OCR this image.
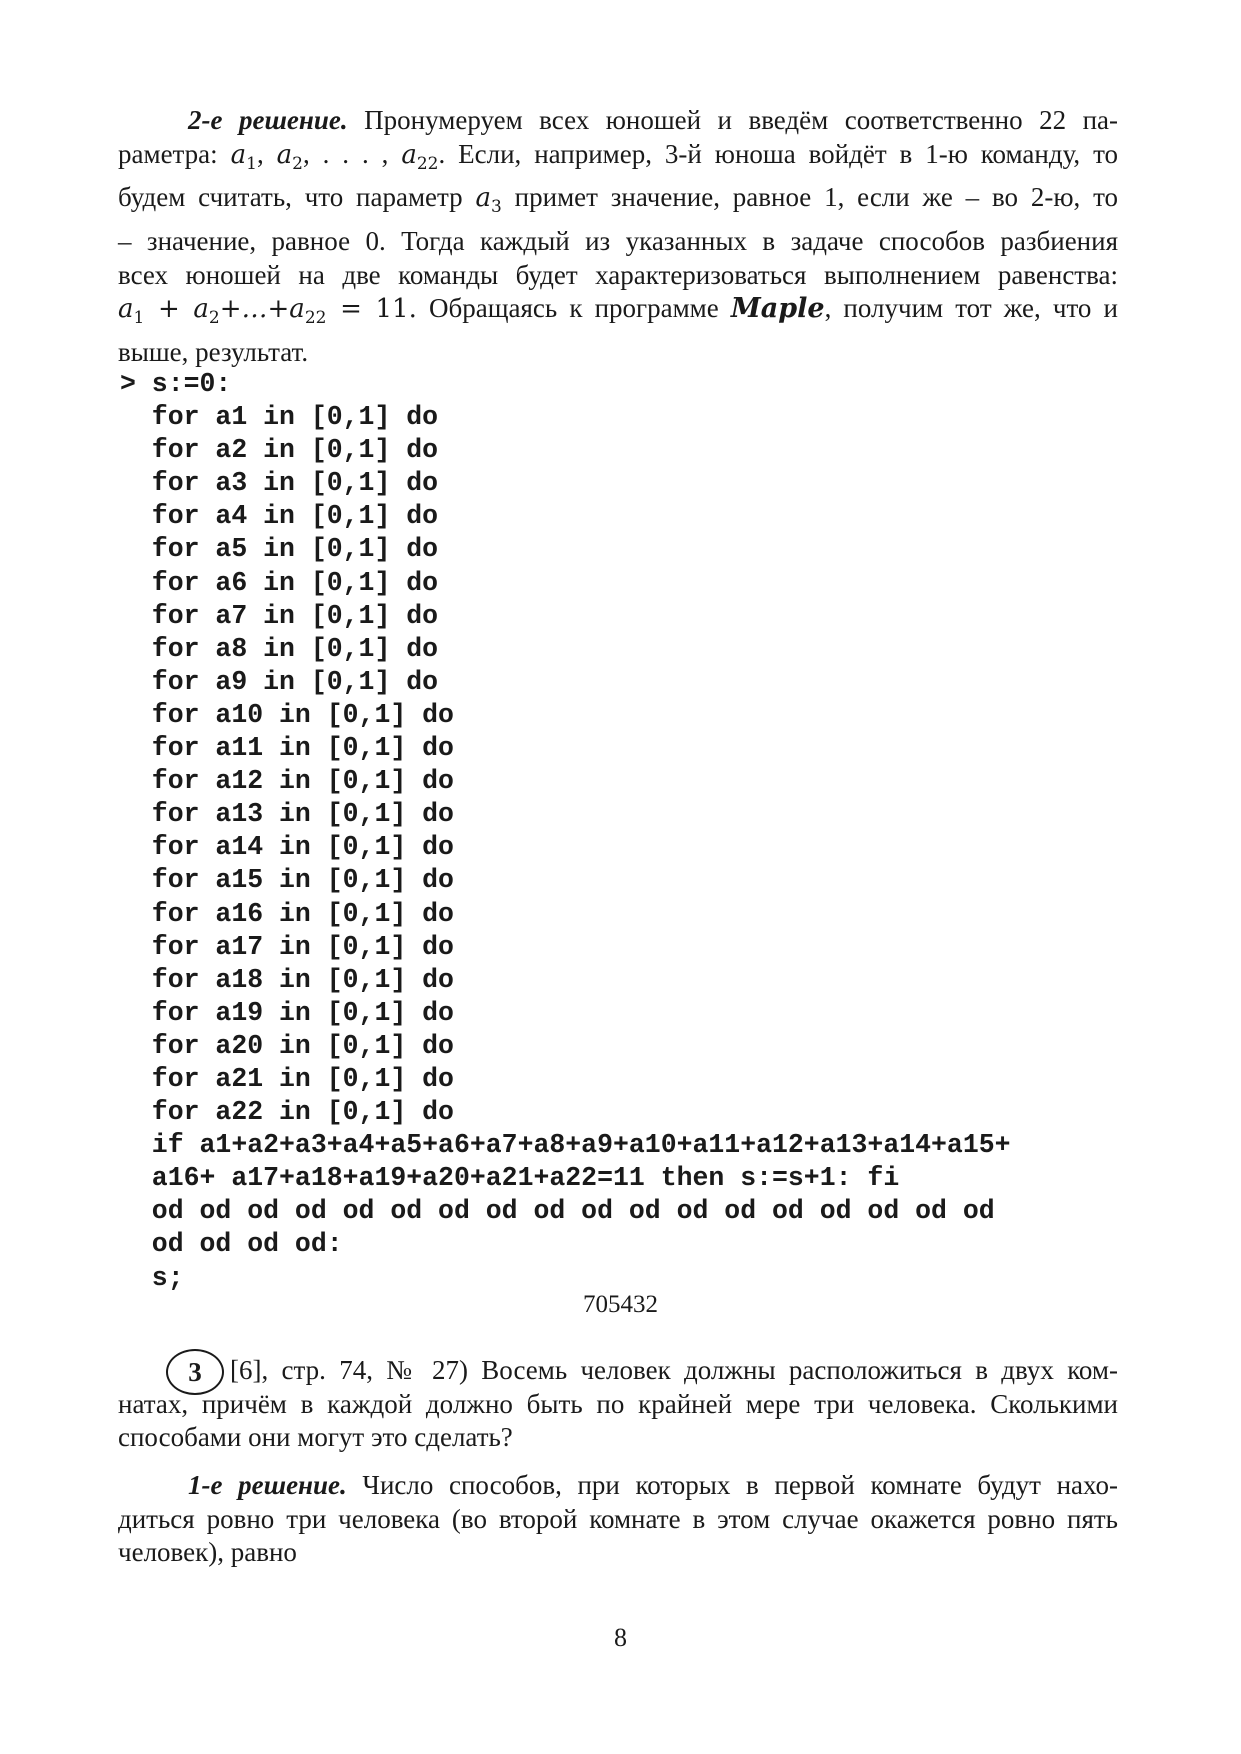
2-е решение. Пронумеруем всех юношей и введём соответственно 22 па-
раметра: $a_1$, $a_2$, . . . , $a_{22}$. Если, например, 3-й юноша войдёт в 1-ю команду, то
будем считать, что параметр $a_3$ примет значение, равное 1, если же – во 2-ю, то
– значение, равное 0. Тогда каждый из указанных в задаче способов разбиения
всех юношей на две команды будет характеризоваться выполнением равенства:
$a_1$ + $a_2+\dots+a_{22} = 11$. Обращаясь к программе Maple, получим тот же, что и
выше, результат.
> s:=0:
for a1 in [0,1] do
for a2 in [0,1] do
for a3 in [0,1] do
for a4 in [0,1] do
for a5 in [0,1] do
for a6 in [0,1] do
for a7 in [0,1] do
for a8 in [0,1] do
for a9 in [0,1] do
for a10 in [0,1] do
for a11 in [0,1] do
for a12 in [0,1] do
for a13 in [0,1] do
for a14 in [0,1] do
for a15 in [0,1] do
for a16 in [0,1] do
for a17 in [0,1] do
for a18 in [0,1] do
for a19 in [0,1] do
for a20 in [0,1] do
for a21 in [0,1] do
for a22 in [0,1] do
if a1+a2+a3+a4+a5+a6+a7+a8+a9+a10+a11+a12+a13+a14+a15+
a16+ a17+a18+a19+a20+a21+a22=11 then s:=s+1: fi
od od od od od od od od od od od od od od od od od od
od od od od:
s;
705432
3	[6], стр. 74, № 27) Восемь человек должны расположиться в двух ком-
натах, причём в каждой должно быть по крайней мере три человека. Сколькими
способами они могут это сделать?
1-е решение. Число способов, при которых в первой комнате будут нахо-
диться ровно три человека (во второй комнате в этом случае окажется ровно пять
человек), равно
8
